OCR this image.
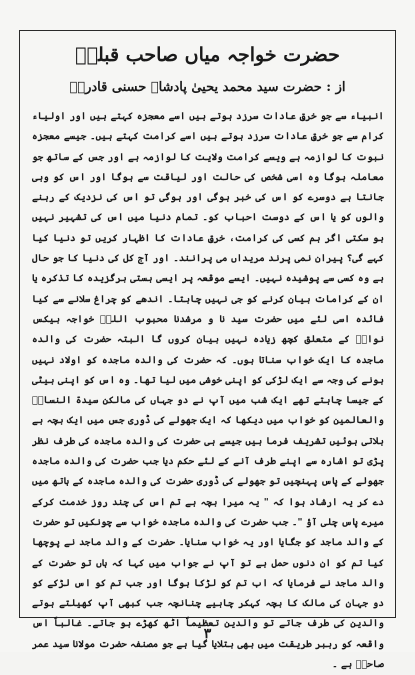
حضرت خواجہ میاں صاحب قبلہؒ
از : حضرت سید محمد یحییٰ پادشاہ حسنی قادریؒ

انبیاء سے جو خرقِ عادات سرزد ہوتے ہیں اسے معجزہ کہتے ہیں اور اولیاء کرام سے جو خرقِ عادات سرزد ہوتے ہیں اسے کرامت کہتے ہیں۔ جیسے معجزہ نبوت کا لوازمہ ہے ویسے کرامت ولایت کا لوازمہ ہے اور جس کے ساتھ جو معاملہ ہوگا وہ اسی شخص کی حالت اور لیاقت سے ہوگا اور اس کو وہی جانتا ہے دوسرے کو اس کی خبر ہوگی اور ہوگی تو اس کی نزدیک کے رہنے والوں کو یا اس کے دوست احباب کو۔ تمام دنیا میں اس کی تشہیر نہیں ہو سکتی اگر ہم کسی کی کرامت، خرقِ عادات کا اظہار کریں تو دنیا کیا کہے گی؟ پیران نمی پرند مریداں می پرانند۔ اور آج کل کی دنیا کا جو حال ہے وہ کسی سے پوشیدہ نہیں۔ ایسے موقعہ پر ایسی ہستی برگزیدہ کا تذکرہ یا ان کے کرامات بیان کرنے کو جی نہیں چاہتا۔ اندھے کو چراغ سلانے سے کیا فائدہ اسی لئے میں حضرت سید نا و مرشدنا محبوب اللہؒ خواجہ بیکس نوازؒ کے متعلق کچھ زیادہ نہیں بیان کروں گا البتہ حضرت کی والدہ ماجدہ کا ایک خواب سناتا ہوں۔ کہ حضرت کی والدہ ماجدہ کو اولاد نہیں ہونے کی وجہ سے ایک لڑکی کو اپنی خوشی میں لیا تھا۔ وہ اس کو اپنی بیٹی کے جیسا چاہتے تھے ایک شب میں آپ نے دو جہاں کی مالکن سیدۃ النساءؓ والعالمین کو خواب میں دیکھا کہ ایک جھولے کی ڈوری جس میں ایک بچہ ہے ہلاتی ہوئیں تشریف فرما ہیں جیسے ہی حضرت کی والدہ ماجدہ کی طرف نظر پڑی تو اشارہ سے اپنے طرف آنے کے لئے حکم دیا جب حضرت کی والدہ ماجدہ جھولے کے پاس پہنچیں تو جھولے کی ڈوری حضرت کی والدہ ماجدہ کے ہاتھ میں دے کر یہ ارشاد ہوا کہ " یہ میرا بچہ ہے تم اس کی چند روز خدمت کرکے میرے پاس چلی آؤ "۔ جب حضرت کی والدہ ماجدہ خواب سے چونکیں تو حضرت کے والد ماجد کو جگایا اور یہ خواب سنایا۔ حضرت کے والد ماجد نے پوچھا کیا تم کو ان دنوں حمل ہے تو آپ نے جواب میں کہا کہ ہاں تو حضرت کے والد ماجد نے فرمایا کہ اب تم کو لڑکا ہوگا اور جب تم کو اس لڑکے کو دو جہان کی مالک کا بچہ کہکر چاہیے چنانچہ جب کبھی آپ کھیلتے ہوتے والدین کی طرف جاتے تو والدین تعظیماً اٹھ کھڑے ہو جاتے۔ غالباً اس واقعہ کو رہبر طریقت میں بھی بتلایا گیا ہے جو مصنفہ حضرت مولانا سید عمر صاحبؒ ہے ۔

۳
